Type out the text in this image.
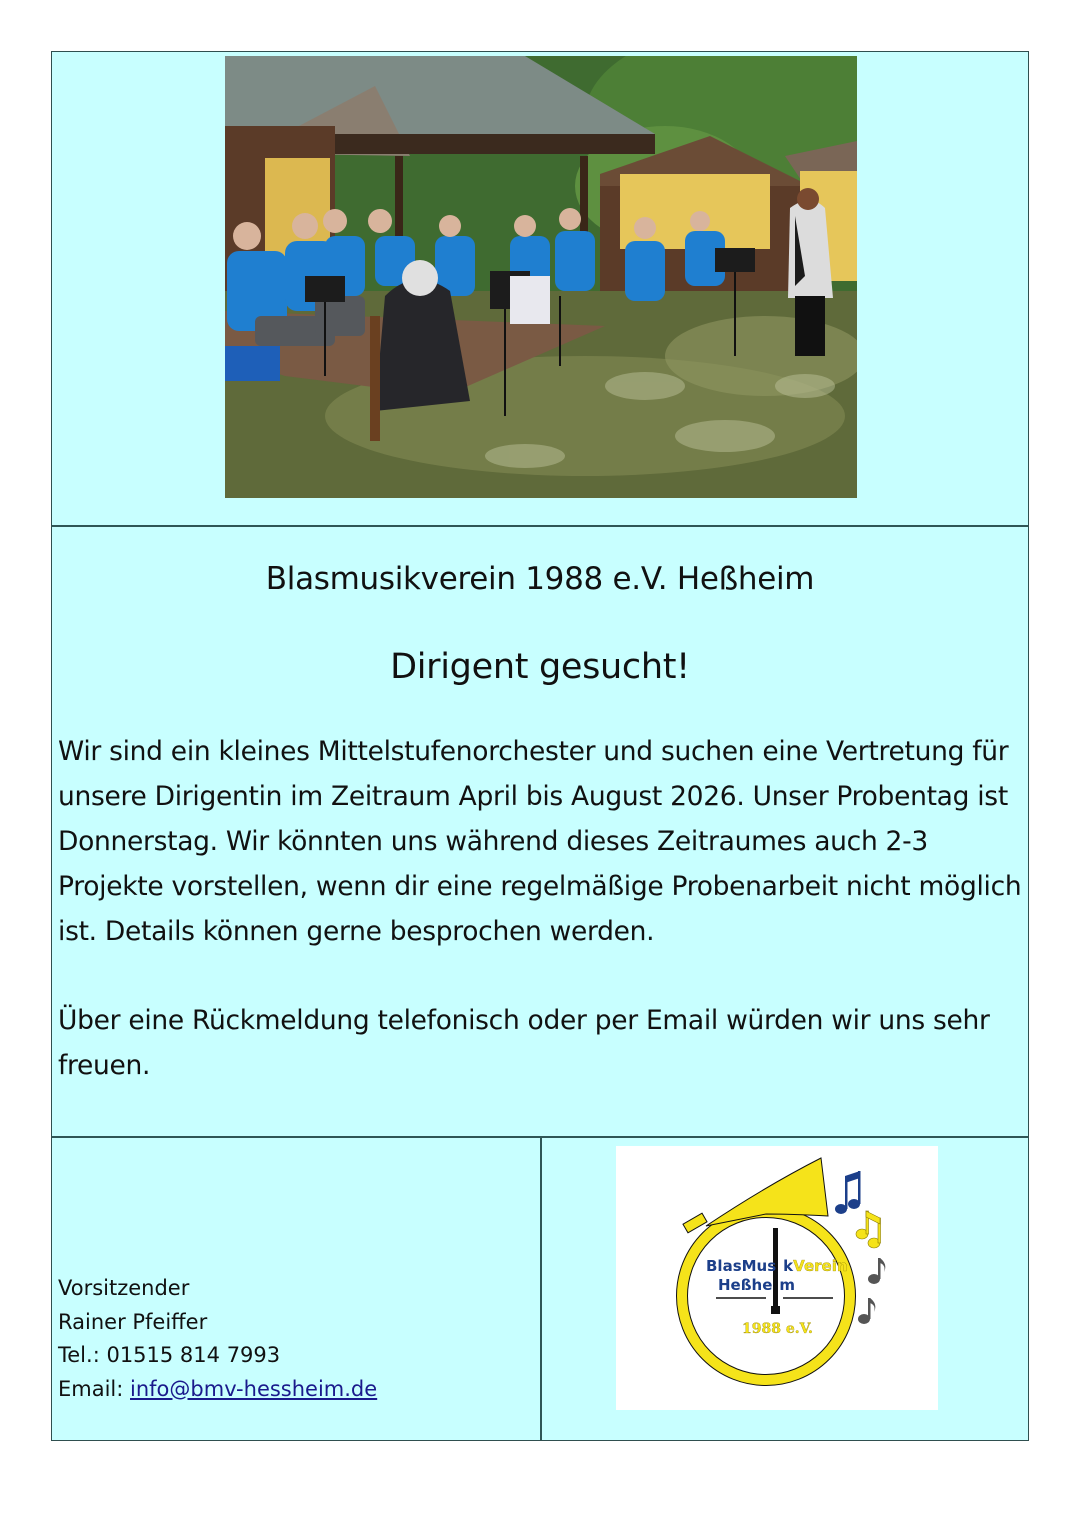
Blasmusikverein 1988 e.V. Heßheim
Dirigent gesucht!

Wir sind ein kleines Mittelstufenorchester und suchen eine Vertretung für unsere Dirigentin im Zeitraum April bis August 2026. Unser Probentag ist Donnerstag. Wir könnten uns während dieses Zeitraumes auch 2-3 Projekte vorstellen, wenn dir eine regelmäßige Probenarbeit nicht möglich ist. Details können gerne besprochen werden.

Über eine Rückmeldung telefonisch oder per Email würden wir uns sehr freuen.

Vorsitzender
Rainer Pfeiffer
Tel.: 01515 814 7993
Email: info@bmv-hessheim.de
BlasMus kVerein
Heßhe m
1988 e.V.
